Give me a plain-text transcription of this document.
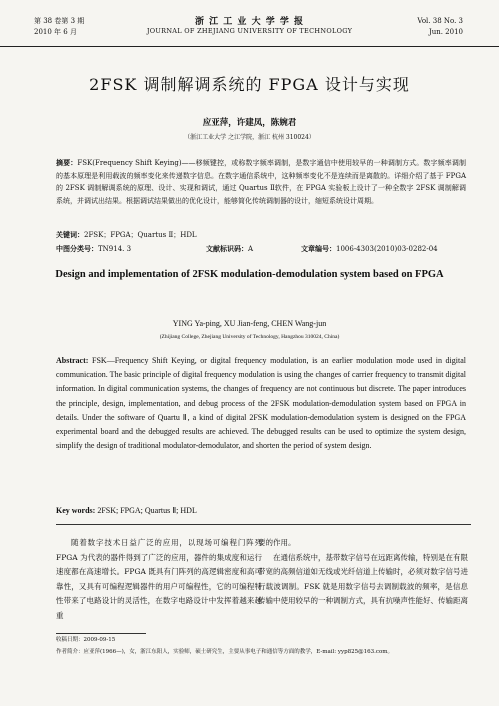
第 38 卷第 3 期
2010 年 6 月
浙 江 工 业 大 学 学 报
JOURNAL OF ZHEJIANG UNIVERSITY OF TECHNOLOGY
Vol. 38 No. 3
Jun. 2010
2FSK 调制解调系统的 FPGA 设计与实现
应亚萍，许建凤，陈婉君
（浙江工业大学 之江学院，浙江 杭州 310024）
摘要：FSK(Frequency Shift Keying)——移频键控，或称数字频率调制，是数字通信中使用较早的一种调制方式。数字频率调制的基本原理是利用载波的频率变化来传递数字信息。在数字通信系统中，这种频率变化不是连续而是离散的。详细介绍了基于 FPGA 的 2FSK 调制解调系统的原理、设计、实现和调试，通过 Quartus Ⅱ软件，在 FPGA 实验板上设计了一种全数字 2FSK 调制解调系统，并调试出结果。根据调试结果做出的优化设计，能够简化传统调制器的设计，缩短系统设计周期。
关键词：2FSK；FPGA；Quartus Ⅱ；HDL
中图分类号：TN914. 3	文献标识码：A	文章编号：1006-4303(2010)03-0282-04
Design and implementation of 2FSK modulation-demodulation system based on FPGA
YING Ya-ping, XU Jian-feng, CHEN Wang-jun
(Zhijiang College, Zhejiang University of Technology, Hangzhou 310024, China)
Abstract: FSK—Frequency Shift Keying, or digital frequency modulation, is an earlier modulation mode used in digital communication. The basic principle of digital frequency modulation is using the changes of carrier frequency to transmit digital information. In digital communication systems, the changes of frequency are not continuous but discrete. The paper introduces the principle, design, implementation, and debug process of the 2FSK modulation-demodulation system based on FPGA in details. Under the software of Quartu Ⅱ, a kind of digital 2FSK modulation-demodulation system is designed on the FPGA experimental board and the debugged results are achieved. The debugged results can be used to optimize the system design, simplify the design of traditional modulator-demodulator, and shorten the period of system design.
Key words: 2FSK; FPGA; Quartus Ⅱ; HDL
随着数字技术日益广泛的应用，以现场可编程门阵列 FPGA 为代表的器件得到了广泛的应用，器件的集成度和运行速度都在高速增长。FPGA 既具有门阵列的高逻辑密度和高可靠性，又具有可编程逻辑器件的用户可编程性，它的可编程特性带来了电路设计的灵活性，在数字电路设计中发挥着越来越重
要的作用。
　　在通信系统中，基带数字信号在远距离传输，特别是在有限带宽的高频信道如无线或光纤信道上传输时，必须对数字信号进行载波调制。FSK 就是用数字信号去调制载波的频率，是信息传输中使用较早的一种调制方式，具有抗噪声性能好、传输距离
收稿日期：2009-09-15
作者简介：应亚萍(1966—)，女，浙江东阳人，实验师，硕士研究生，主要从事电子和通信等方面的教学，E-mail: yyp825@163.com。
